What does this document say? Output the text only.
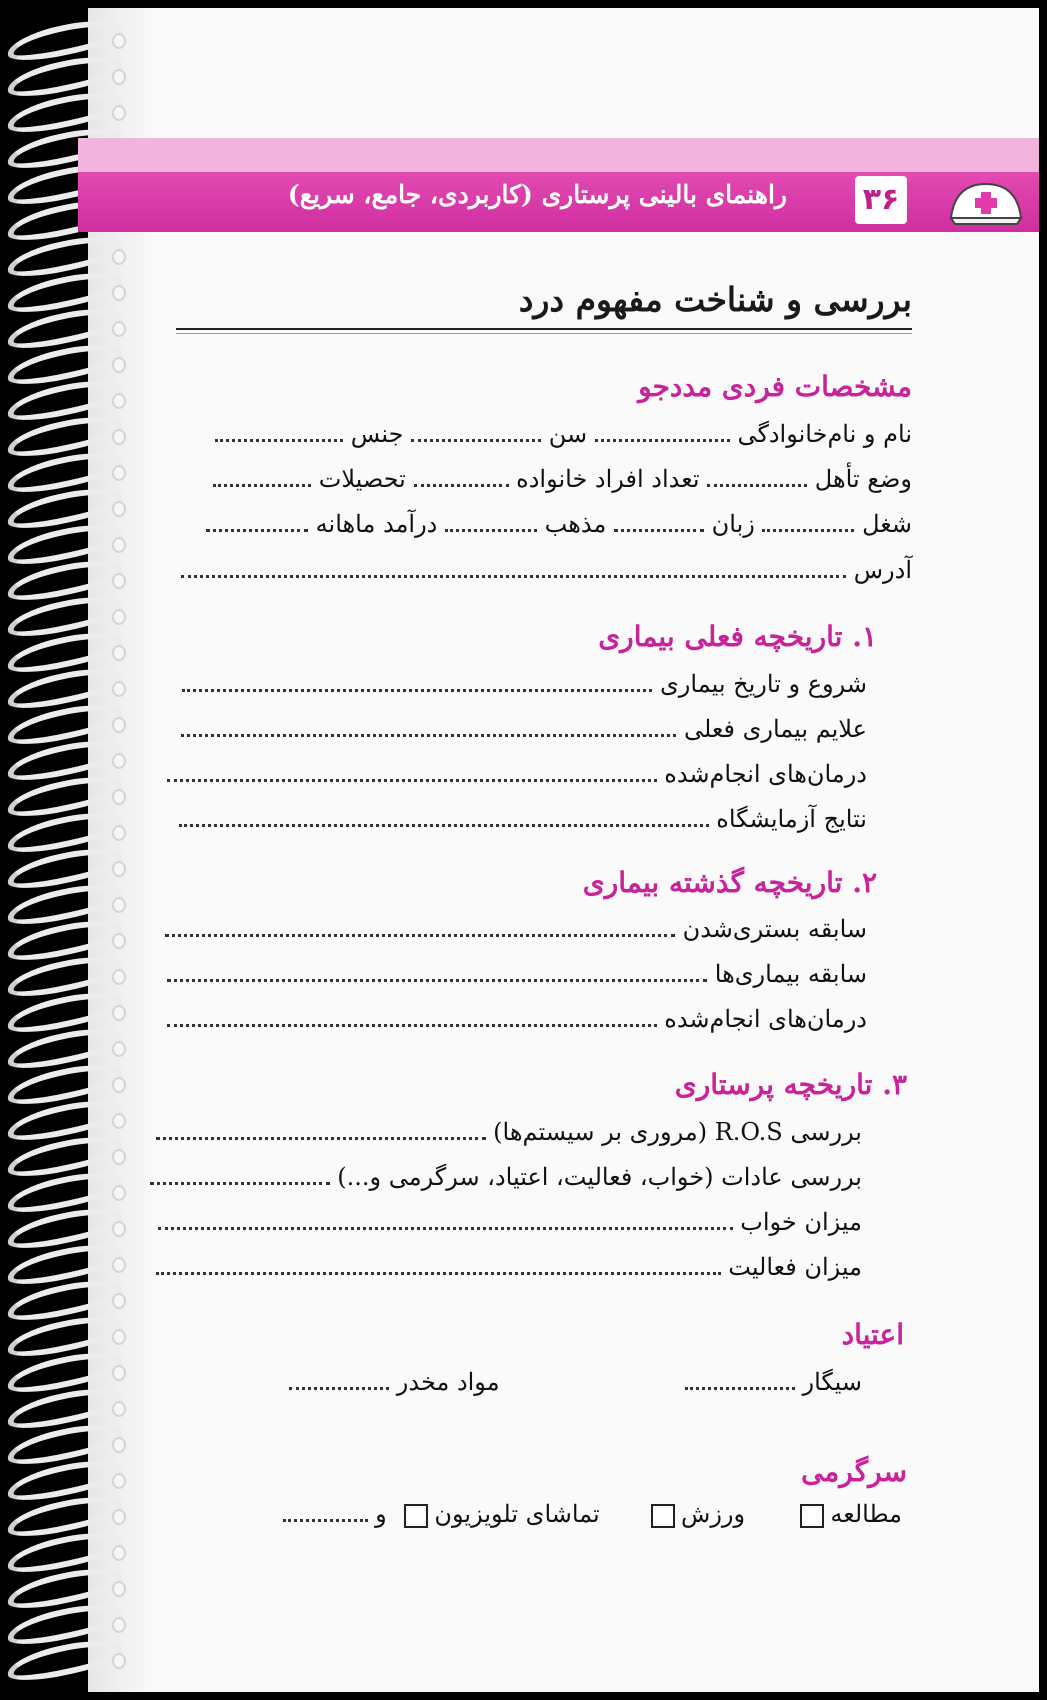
راهنمای بالینی پرستاری (کاربردی، جامع، سریع)	۳۶
بررسی و شناخت مفهوم درد
مشخصات فردی مددجو
نام و نام‌خانوادگی  سن  جنس
وضع تأهل  تعداد افراد خانواده  تحصیلات
شغل  زبان  مذهب  درآمد ماهانه
آدرس
۱. تاریخچه فعلی بیماری
شروع و تاریخ بیماری
علایم بیماری فعلی
درمان‌های انجام‌شده
نتایج آزمایشگاه
۲. تاریخچه گذشته بیماری
سابقه بستری‌شدن
سابقه بیماری‌ها
درمان‌های انجام‌شده
۳. تاریخچه پرستاری
بررسی R.O.S (مروری بر سیستم‌ها)
بررسی عادات (خواب، فعالیت، اعتیاد، سرگرمی و...)
میزان خواب
میزان فعالیت
اعتیاد
سیگار   مواد مخدر
سرگرمی
مطالعه  ورزش  تماشای تلویزیون و
